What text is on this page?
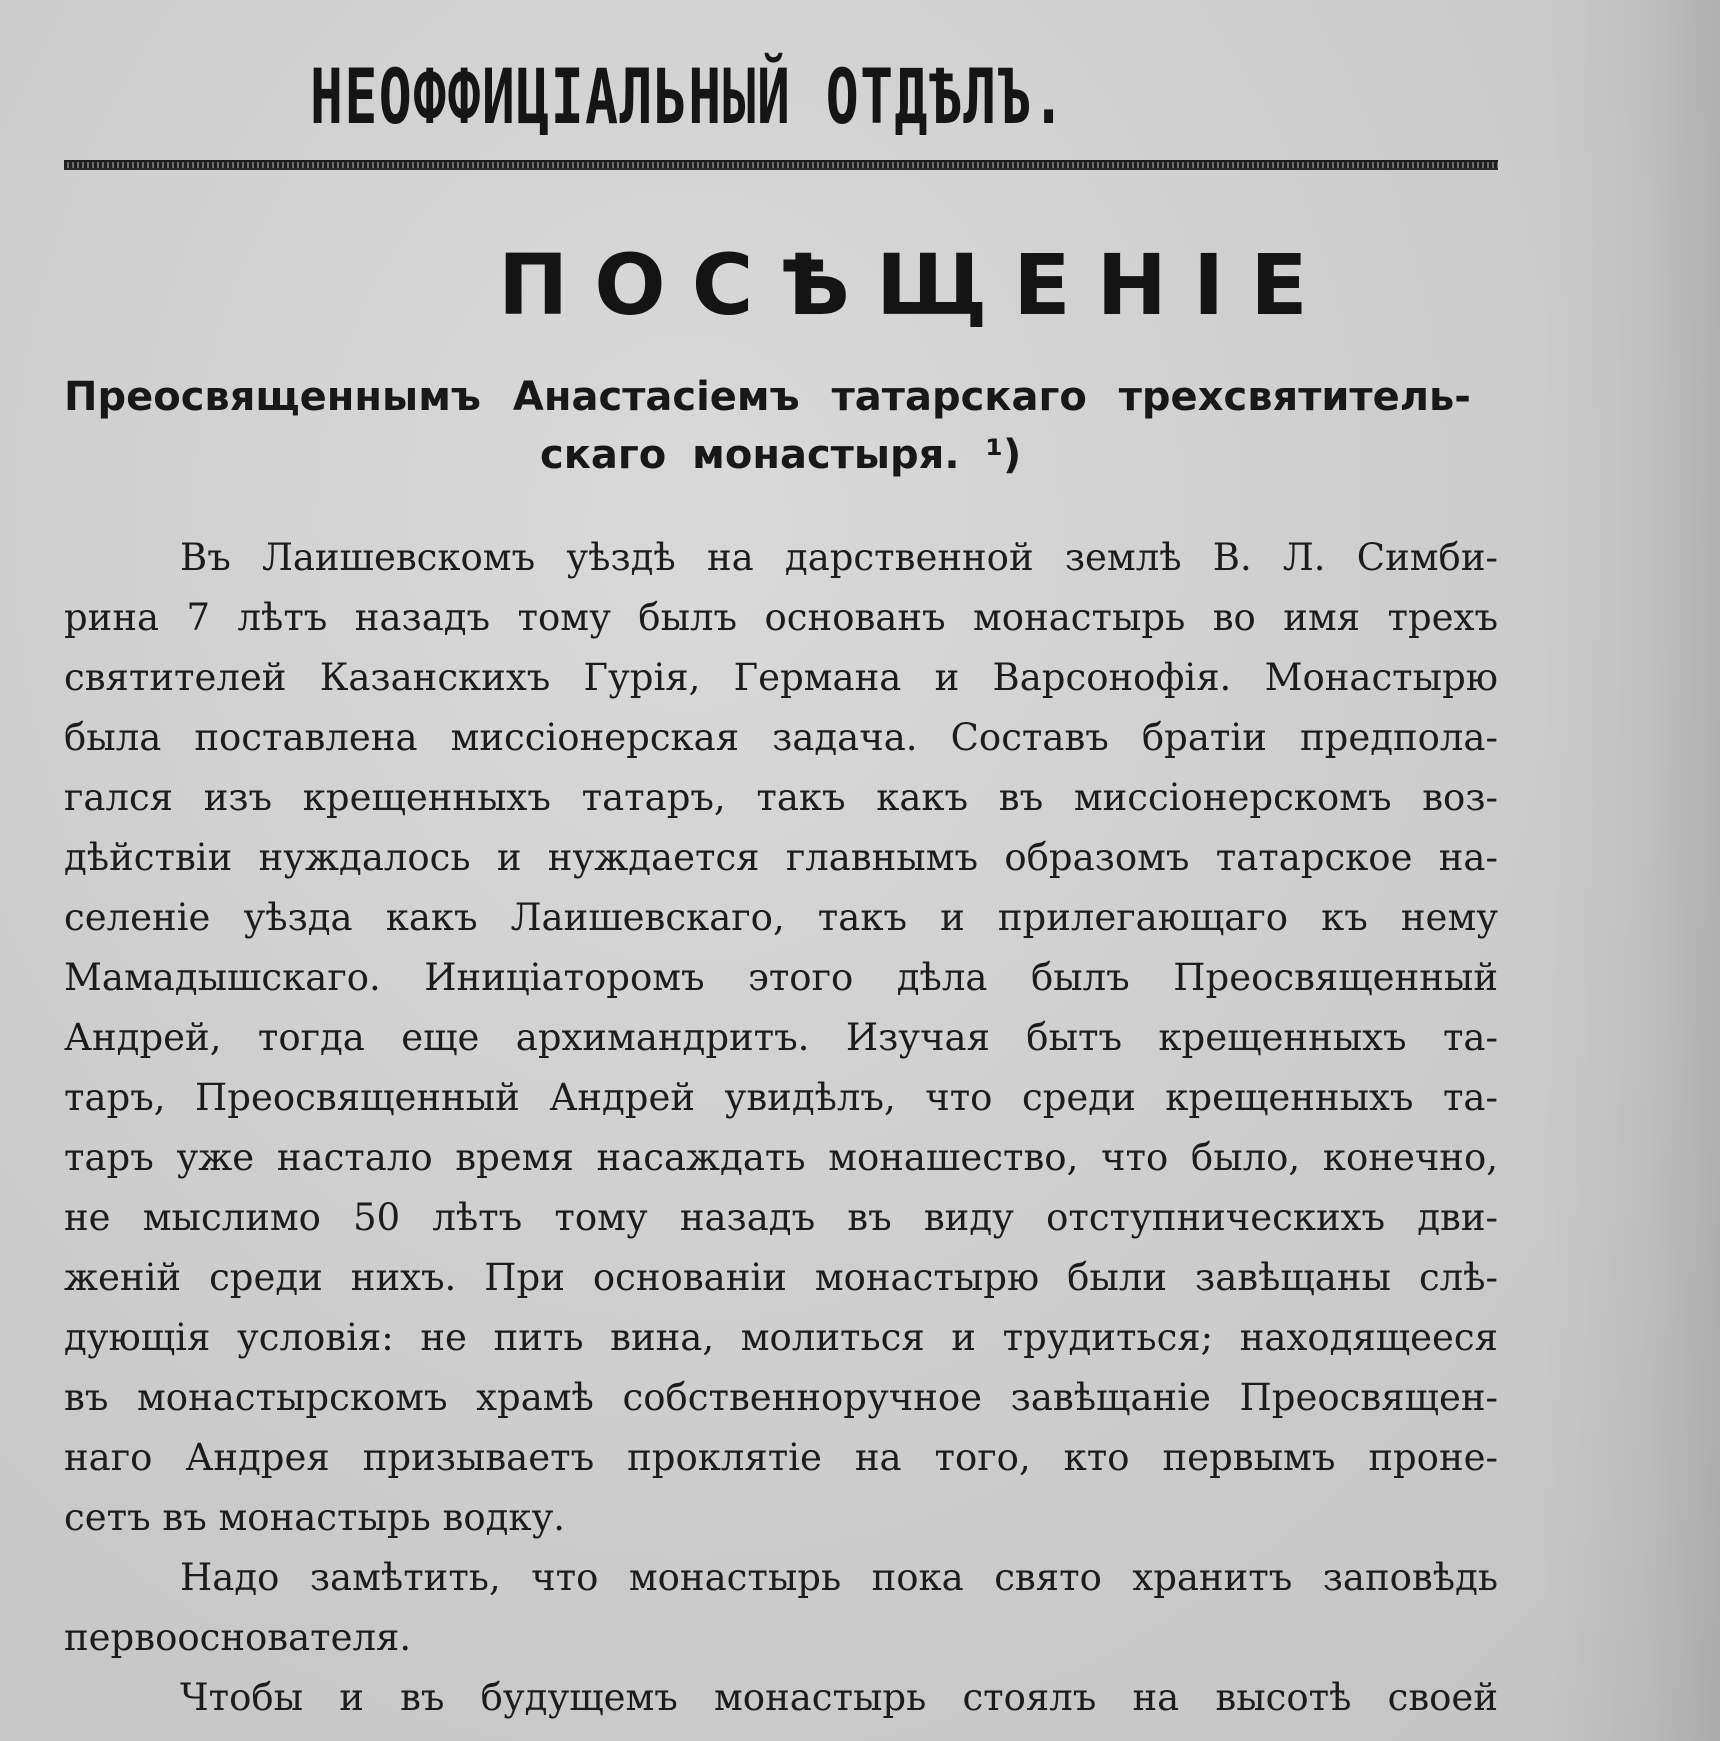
НЕОФФИЦІАЛЬНЫЙ ОТДѢЛЪ.
ПОСѢЩЕНІЕ
Преосвященнымъ Анастасіемъ татарскаго трехсвятитель-
скаго монастыря. ¹)
Въ Лаишевскомъ уѣздѣ на дарственной землѣ В. Л. Симби-
рина 7 лѣтъ назадъ тому былъ основанъ монастырь во имя трехъ
святителей Казанскихъ Гурія, Германа и Варсонофія. Монастырю
была поставлена миссіонерская задача. Составъ братіи предпола-
гался изъ крещенныхъ татаръ, такъ какъ въ миссіонерскомъ воз-
дѣйствіи нуждалось и нуждается главнымъ образомъ татарское на-
селеніе уѣзда какъ Лаишевскаго, такъ и прилегающаго къ нему
Мамадышскаго. Иниціаторомъ этого дѣла былъ Преосвященный
Андрей, тогда еще архимандритъ. Изучая бытъ крещенныхъ та-
таръ, Преосвященный Андрей увидѣлъ, что среди крещенныхъ та-
таръ уже настало время насаждать монашество, что было, конечно,
не мыслимо 50 лѣтъ тому назадъ въ виду отступническихъ дви-
женій среди нихъ. При основаніи монастырю были завѣщаны слѣ-
дующія условія: не пить вина, молиться и трудиться; находящееся
въ монастырскомъ храмѣ собственноручное завѣщаніе Преосвящен-
наго Андрея призываетъ проклятіе на того, кто первымъ проне-
сетъ въ монастырь водку.
Надо замѣтить, что монастырь пока свято хранитъ заповѣдь
первооснователя.
Чтобы и въ будущемъ монастырь стоялъ на высотѣ своей
